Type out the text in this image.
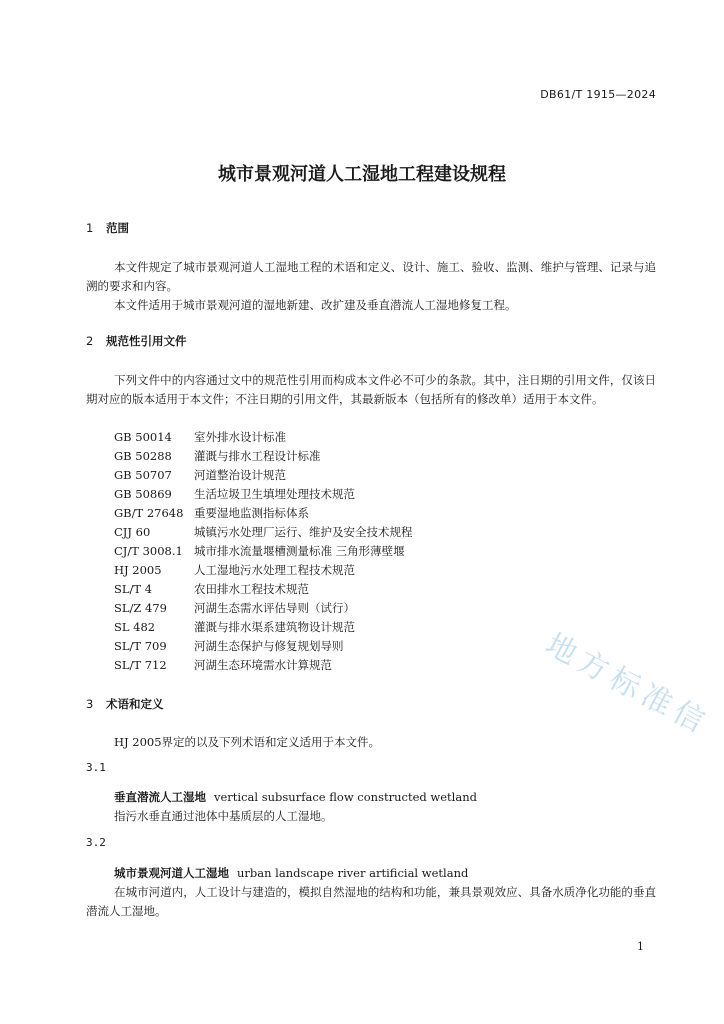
DB61/T 1915—2024
城市景观河道人工湿地工程建设规程
1 范围
本文件规定了城市景观河道人工湿地工程的术语和定义、设计、施工、验收、监测、维护与管理、记录与追溯的要求和内容。
本文件适用于城市景观河道的湿地新建、改扩建及垂直潜流人工湿地修复工程。
2 规范性引用文件
下列文件中的内容通过文中的规范性引用而构成本文件必不可少的条款。其中，注日期的引用文件，仅该日期对应的版本适用于本文件；不注日期的引用文件，其最新版本（包括所有的修改单）适用于本文件。
GB 50014 室外排水设计标准
GB 50288 灌溉与排水工程设计标准
GB 50707 河道整治设计规范
GB 50869 生活垃圾卫生填埋处理技术规范
GB/T 27648 重要湿地监测指标体系
CJJ 60	城镇污水处理厂运行、维护及安全技术规程
CJ/T 3008.1 城市排水流量堰槽测量标准 三角形薄壁堰
HJ 2005	人工湿地污水处理工程技术规范
SL/T 4	农田排水工程技术规范
SL/Z 479 河湖生态需水评估导则（试行）
SL 482	灌溉与排水渠系建筑物设计规范
SL/T 709 河湖生态保护与修复规划导则
SL/T 712 河湖生态环境需水计算规范
3 术语和定义
HJ 2005界定的以及下列术语和定义适用于本文件。
3.1
垂直潜流人工湿地 vertical subsurface flow constructed wetland
指污水垂直通过池体中基质层的人工湿地。
3.2
城市景观河道人工湿地 urban landscape river artificial wetland
在城市河道内，人工设计与建造的，模拟自然湿地的结构和功能，兼具景观效应、具备水质净化功能的垂直潜流人工湿地。
1
地方标准信
